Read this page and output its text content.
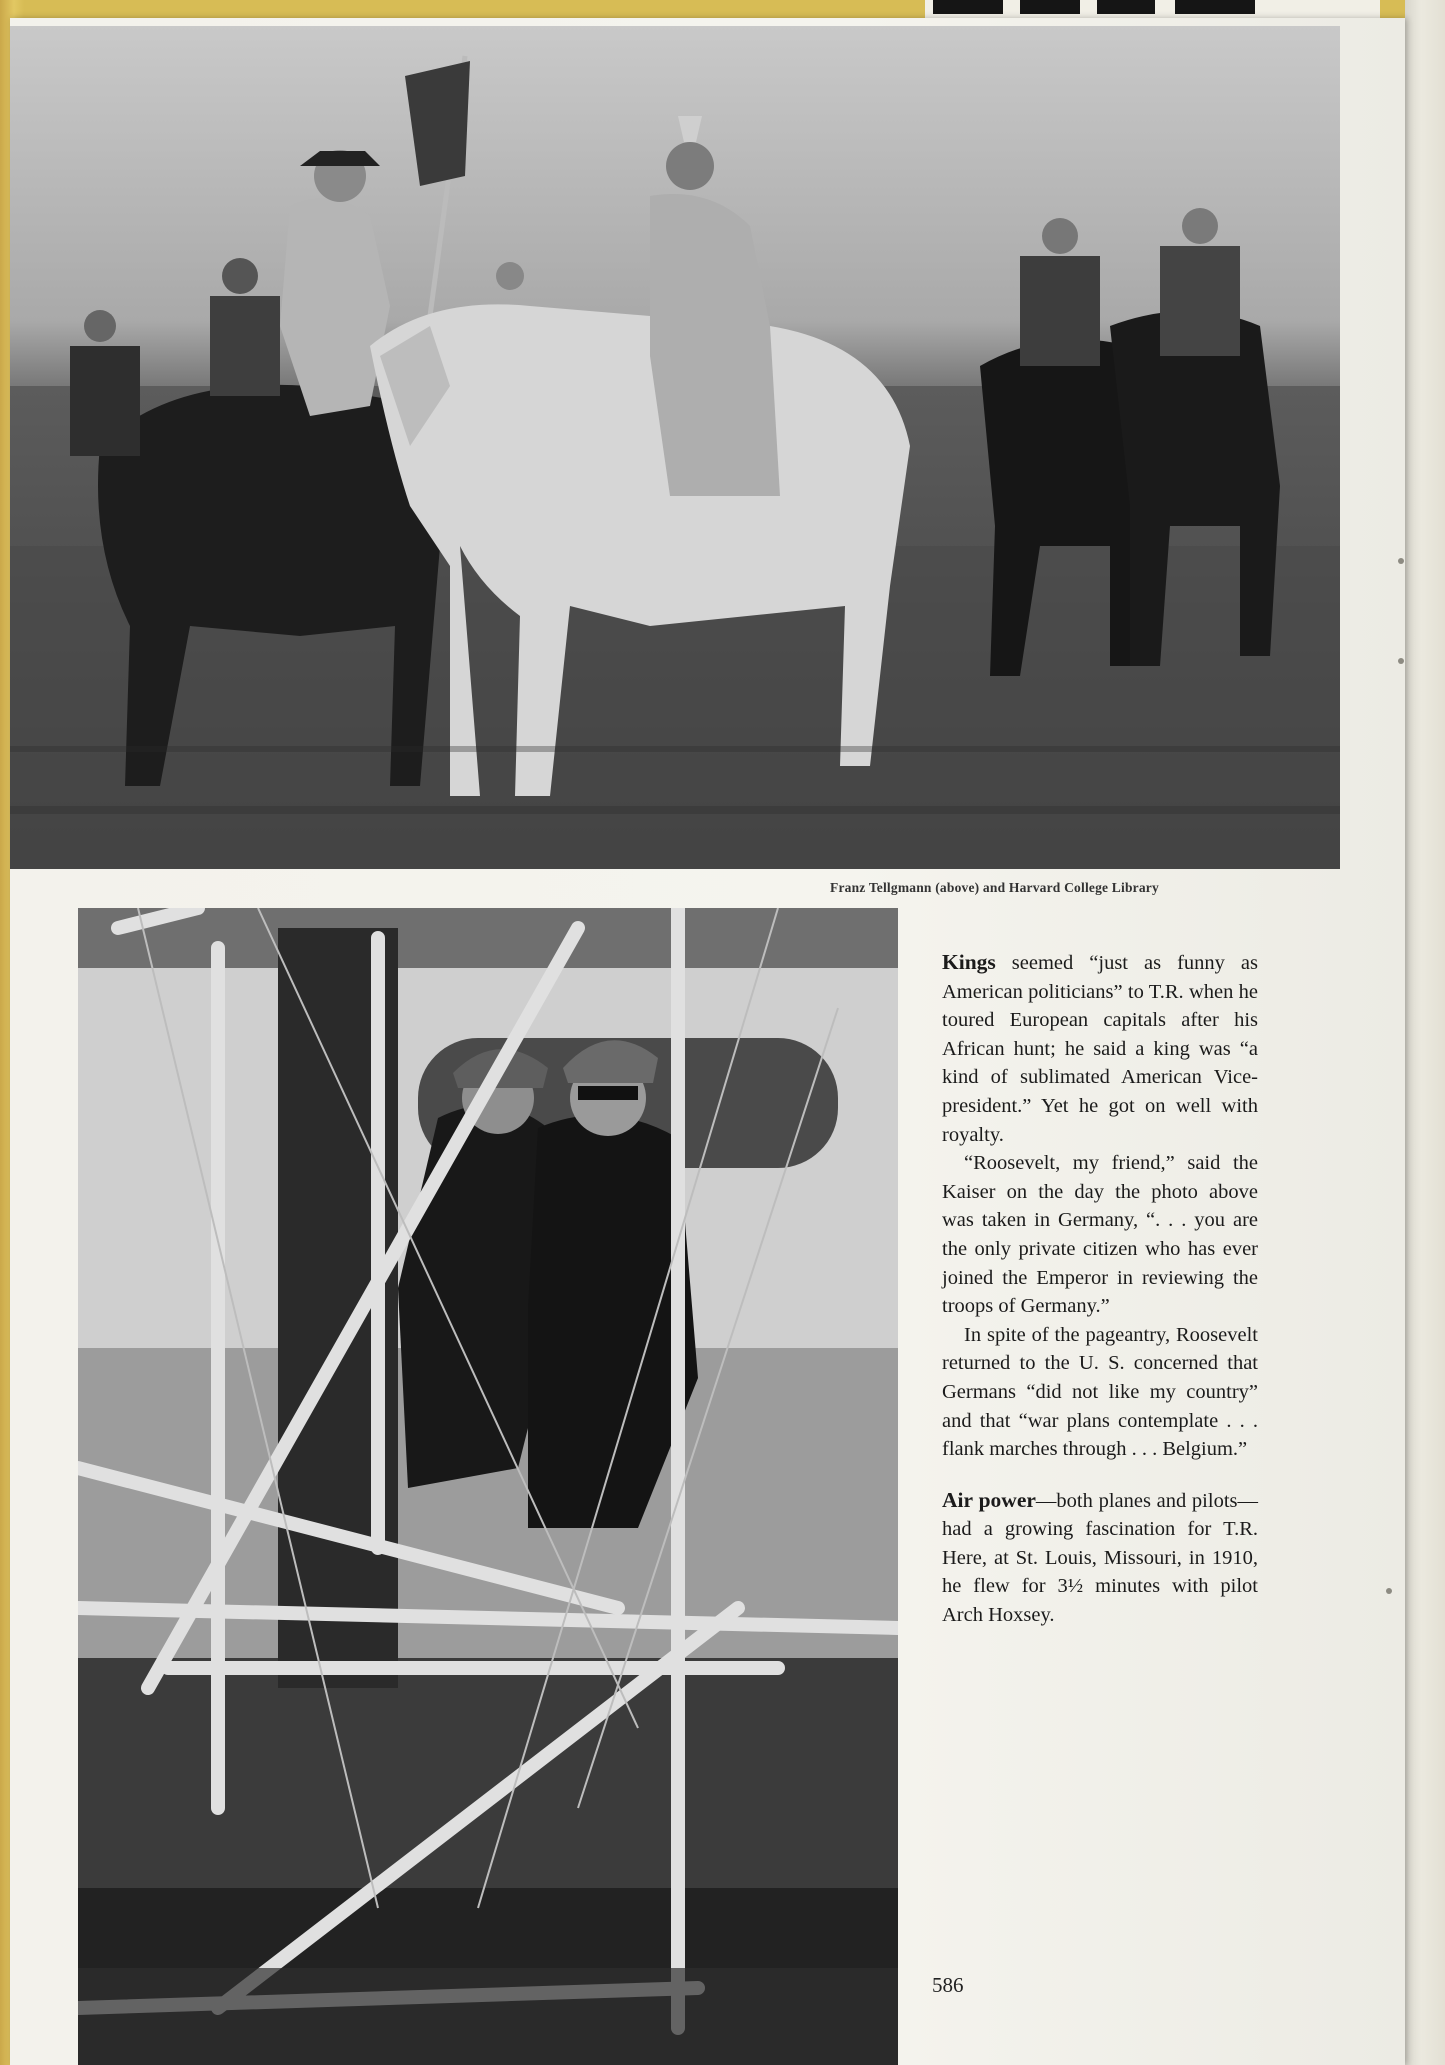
Franz Tellgmann (above) and Harvard College Library

Kings seemed “just as funny as American politicians” to T.R. when he toured European capitals after his African hunt; he said a king was “a kind of sublimated American Vice-president.” Yet he got on well with royalty.

“Roosevelt, my friend,” said the Kaiser on the day the photo above was taken in Germany, “. . . you are the only private citizen who has ever joined the Emperor in reviewing the troops of Germany.”

In spite of the pageantry, Roosevelt returned to the U. S. concerned that Germans “did not like my country” and that “war plans contemplate . . . flank marches through . . . Belgium.”

Air power—both planes and pilots—had a growing fascination for T.R. Here, at St. Louis, Missouri, in 1910, he flew for 3½ minutes with pilot Arch Hoxsey.

586
